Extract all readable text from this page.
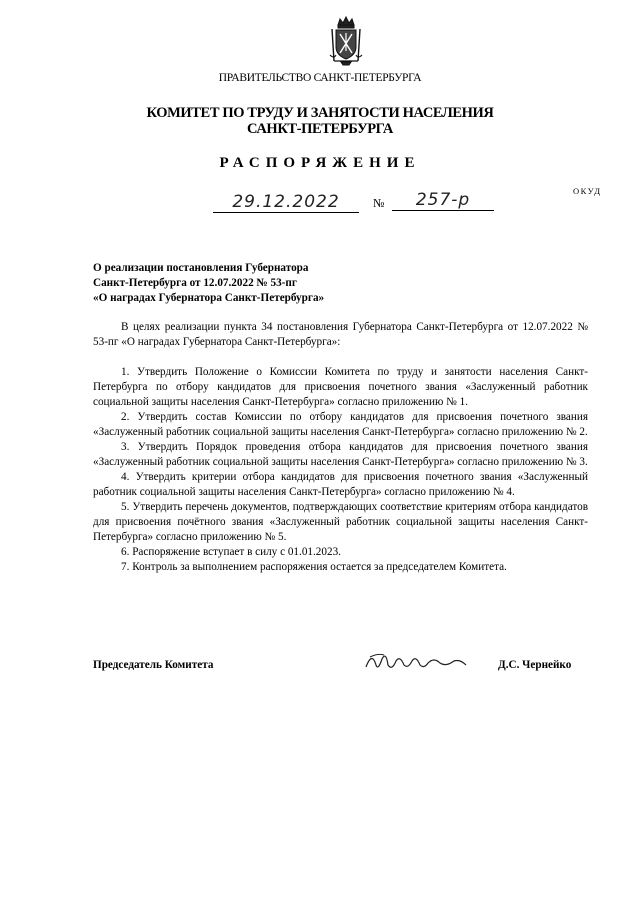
ПРАВИТЕЛЬСТВО САНКТ-ПЕТЕРБУРГА
КОМИТЕТ ПО ТРУДУ И ЗАНЯТОСТИ НАСЕЛЕНИЯ
САНКТ-ПЕТЕРБУРГА
РАСПОРЯЖЕНИЕ
29.12.2022	№	257-р	ОКУД
О реализации постановления Губернатора
Санкт-Петербурга от 12.07.2022 № 53-пг
«О наградах Губернатора Санкт-Петербурга»

В целях реализации пункта 34 постановления Губернатора Санкт-Петербурга от 12.07.2022 № 53-пг «О наградах Губернатора Санкт-Петербурга»:

1. Утвердить Положение о Комиссии Комитета по труду и занятости населения Санкт-Петербурга по отбору кандидатов для присвоения почетного звания «Заслуженный работник социальной защиты населения Санкт-Петербурга» согласно приложению № 1.

2. Утвердить состав Комиссии по отбору кандидатов для присвоения почетного звания «Заслуженный работник социальной защиты населения Санкт-Петербурга» согласно приложению № 2.

3. Утвердить Порядок проведения отбора кандидатов для присвоения почетного звания «Заслуженный работник социальной защиты населения Санкт-Петербурга» согласно приложению № 3.

4. Утвердить критерии отбора кандидатов для присвоения почетного звания «Заслуженный работник социальной защиты населения Санкт-Петербурга» согласно приложению № 4.

5. Утвердить перечень документов, подтверждающих соответствие критериям отбора кандидатов для присвоения почётного звания «Заслуженный работник социальной защиты населения Санкт-Петербурга» согласно приложению № 5.

6. Распоряжение вступает в силу с 01.01.2023.

7. Контроль за выполнением распоряжения остается за председателем Комитета.

Председатель Комитета	Д.С. Чернейко
